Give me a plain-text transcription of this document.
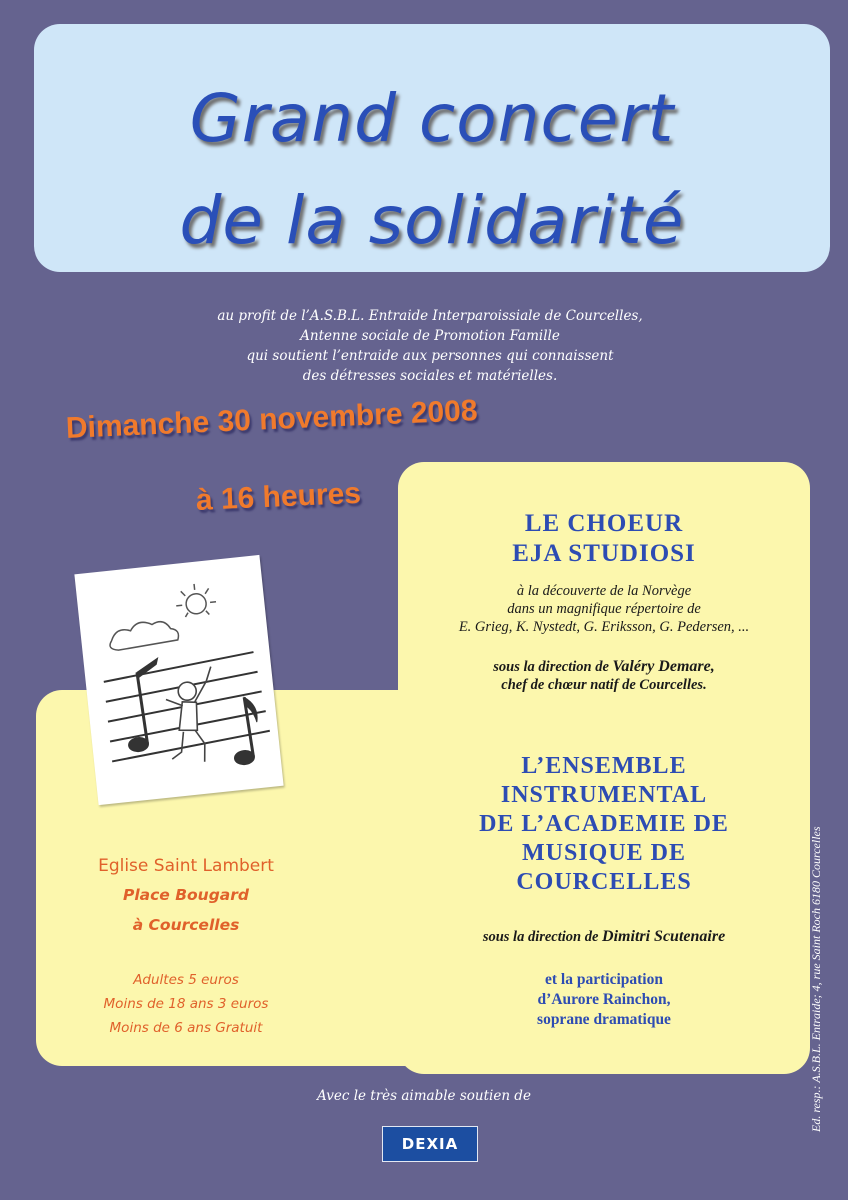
Grand concert
de la solidarité
au profit de l’A.S.B.L. Entraide Interparoissiale de Courcelles,
Antenne sociale de Promotion Famille
qui soutient l’entraide aux personnes qui connaissent
des détresses sociales et matérielles.
Dimanche 30 novembre 2008
à 16 heures
Eglise Saint Lambert
Place Bougard
à Courcelles
Adultes 5 euros
Moins de 18 ans 3 euros
Moins de 6 ans Gratuit
LE CHOEUR
EJA STUDIOSI
à la découverte de la Norvège
dans un magnifique répertoire de
E. Grieg, K. Nystedt, G. Eriksson, G. Pedersen, ...
sous la direction de Valéry Demare,
chef de chœur natif de Courcelles.
L’ENSEMBLE
INSTRUMENTAL
DE L’ACADEMIE DE
MUSIQUE DE
COURCELLES
sous la direction de Dimitri Scutenaire
et la participation
d’Aurore Rainchon,
soprane dramatique
Avec le très aimable soutien de
DEXIA
Ed. resp.: A.S.B.L. Entraide; 4, rue Saint Roch 6180 Courcelles
